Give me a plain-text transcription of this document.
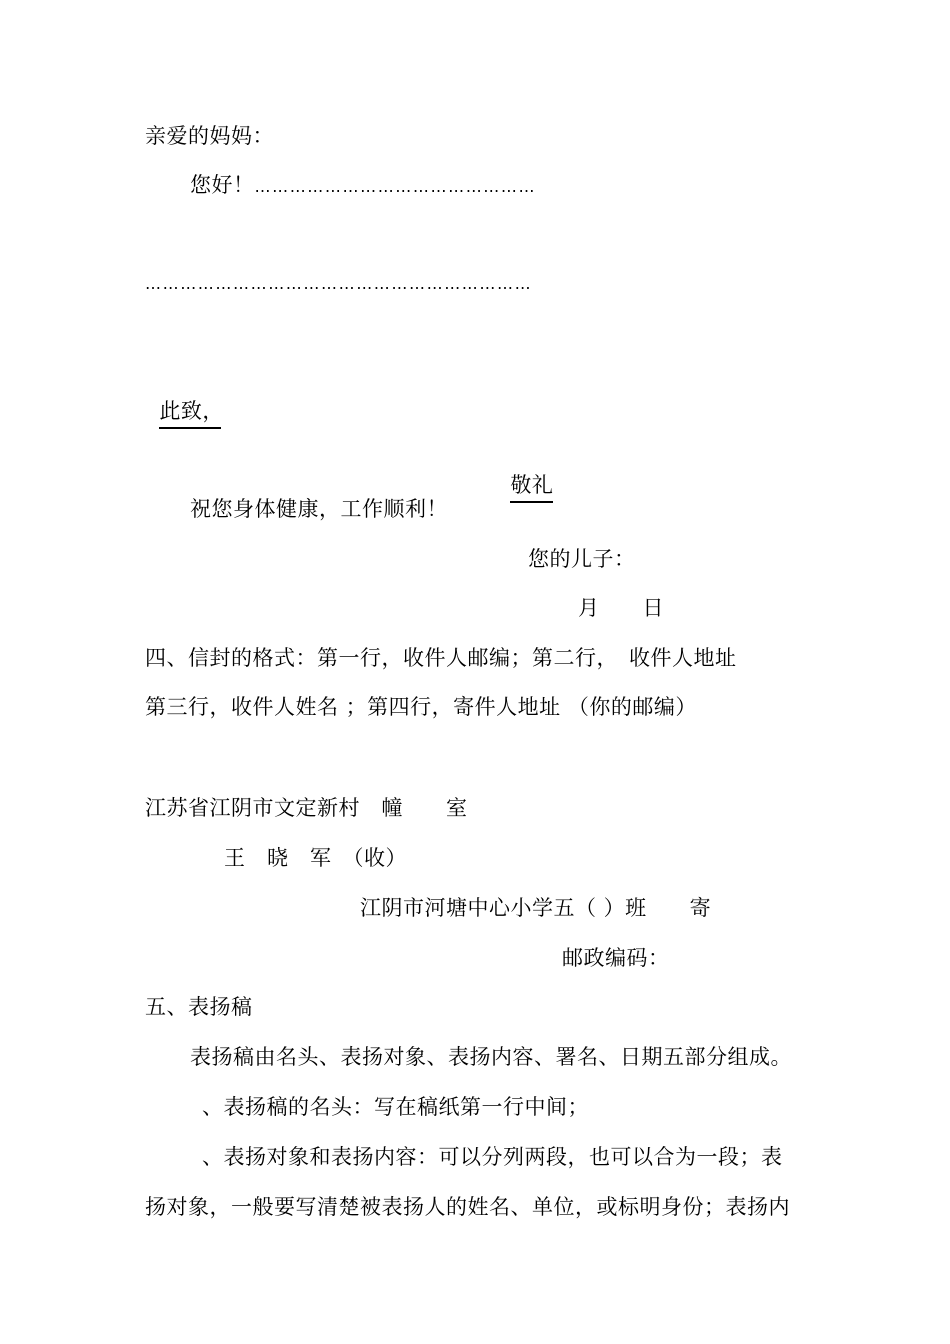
亲爱的妈妈：
您好！…………………………………………
…………………………………………………………

此致，

敬礼

祝您身体健康，工作顺利！
您的儿子：
月　　日
四、信封的格式：第一行，收件人邮编；第二行，　收件人地址
第三行，收件人姓名 ；第四行，寄件人地址 （你的邮编）
江苏省江阴市文定新村　幢　　室
王　晓　军　（收）
江阴市河塘中心小学五（ ）班　　寄
邮政编码：
五、表扬稿
表扬稿由名头、表扬对象、表扬内容、署名、日期五部分组成。
、表扬稿的名头：写在稿纸第一行中间；
、表扬对象和表扬内容：可以分列两段，也可以合为一段；表
扬对象，一般要写清楚被表扬人的姓名、单位，或标明身份；表扬内
